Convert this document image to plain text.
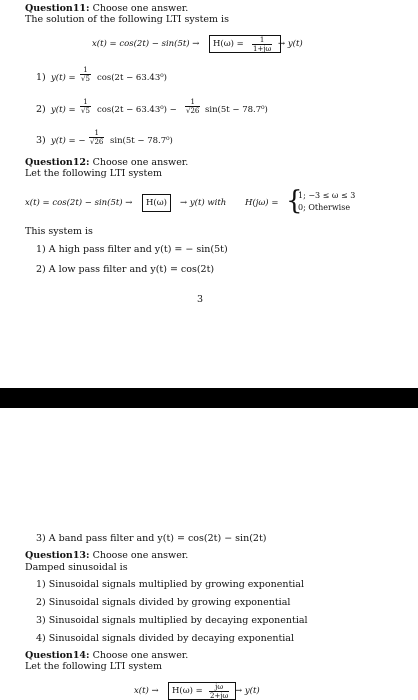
Question11: Choose one answer.
The solution of the following LTI system is
$x(t) = \cos(2t) - \sin(5t) \to H(\omega) = \frac{1}{1+j\omega} \to y(t)$
1) $y(t) = \frac{1}{√5} \cos(2t - 63.43^0)$
2) $y(t) = \frac{1}{√5} \cos(2t - 63.43^0) - \frac{1}{√26} \sin(5t - 78.7^0)$
3) y(t) = − $\frac{1}{√26} \sin(5t - 78.7^0)$
Question12: Choose one answer.
Let the following LTI system
x(t) = cos(2t) − sin(5t) →	H(ω)	→ y(t) with H(jω) = {
1; −3 ≤ ω ≤ 3
0; Otherwise
This system is
1) A high pass filter and y(t) = − sin(5t)
2) A low pass filter and y(t) = cos(2t)
3
3) A band pass filter and y(t) = cos(2t) − sin(2t)
Question13: Choose one answer.
Damped sinusoidal is
1) Sinusoidal signals multiplied by growing exponential
2) Sinusoidal signals divided by growing exponential
3) Sinusoidal signals multiplied by decaying exponential
4) Sinusoidal signals divided by decaying exponential
Question14: Choose one answer.
Let the following LTI system
$x(t) \to H(\omega) = \frac{j\omega}{2+j\omega} \to y(t)$
